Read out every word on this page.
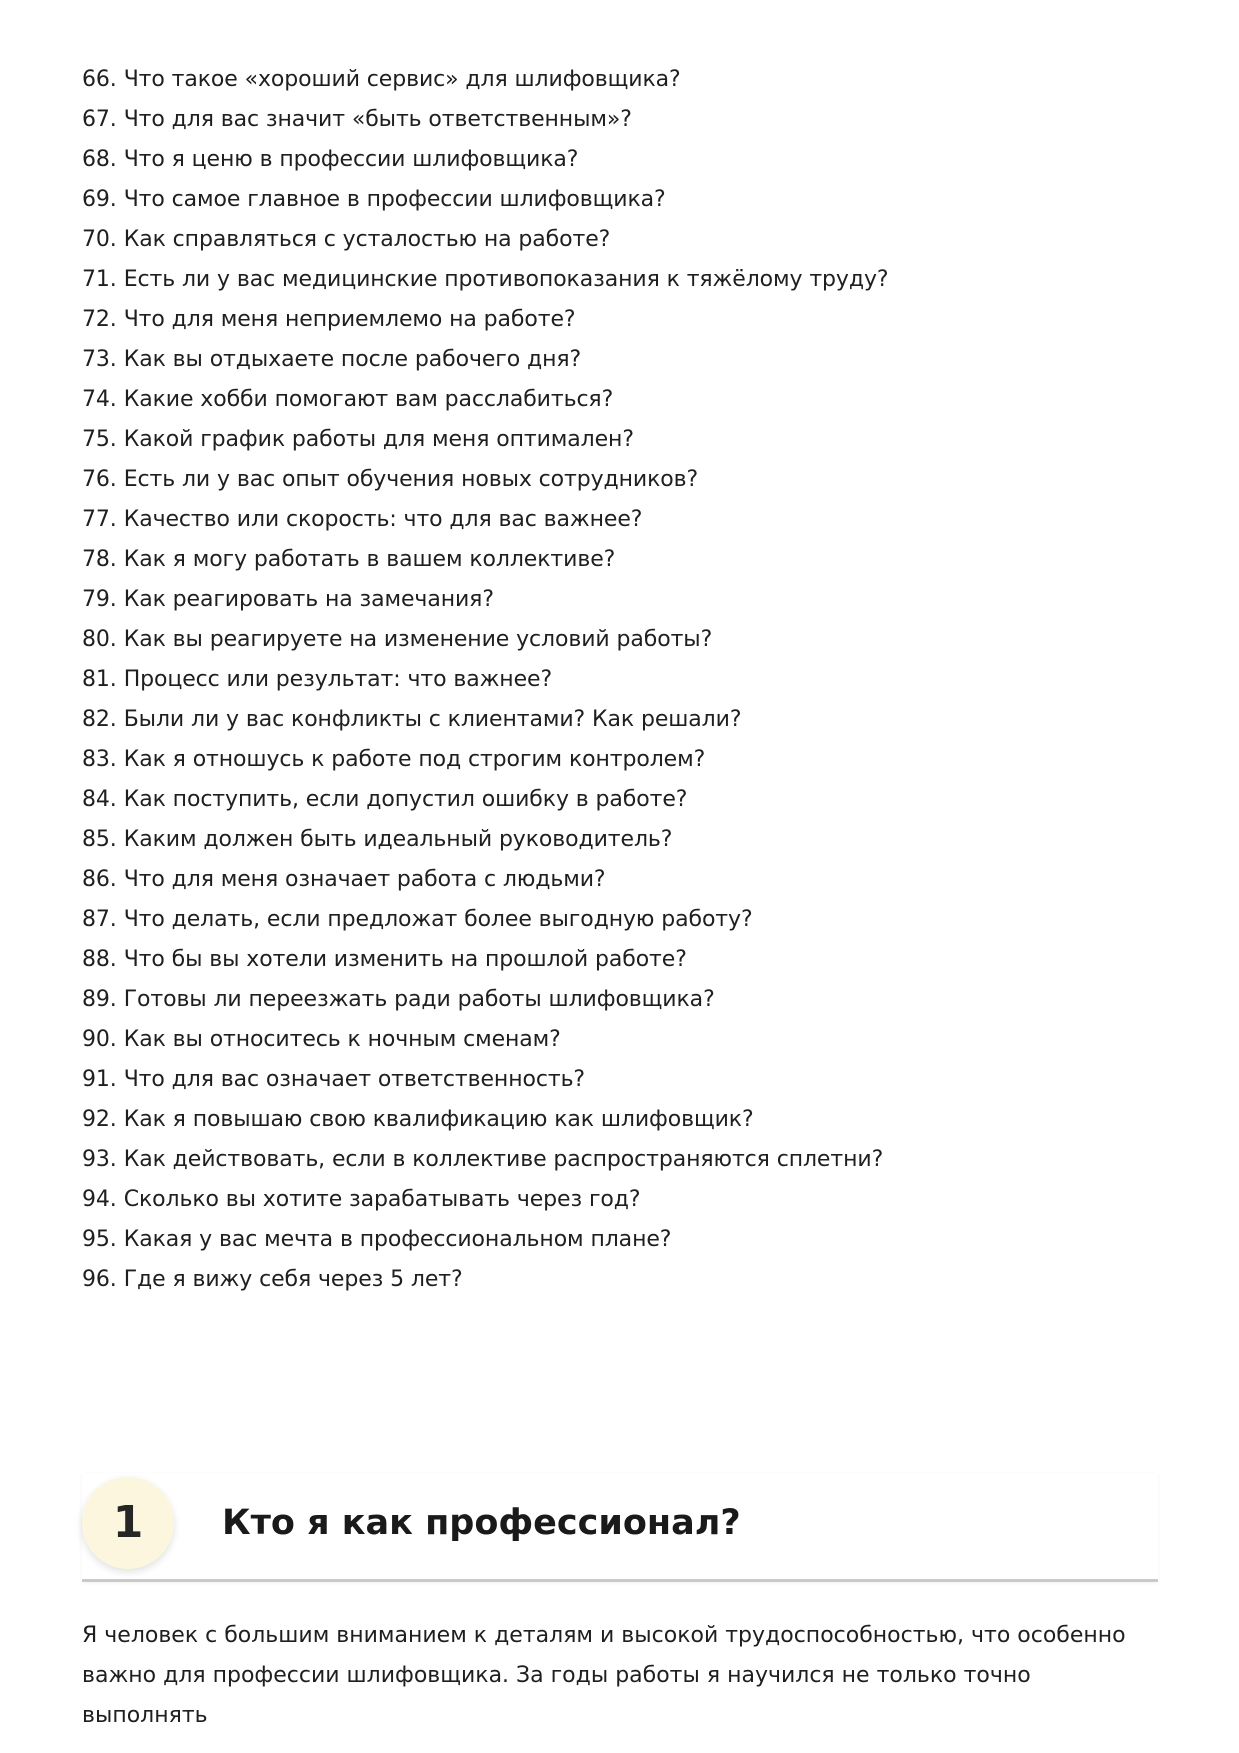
66. Что такое «хороший сервис» для шлифовщика?
67. Что для вас значит «быть ответственным»?
68. Что я ценю в профессии шлифовщика?
69. Что самое главное в профессии шлифовщика?
70. Как справляться с усталостью на работе?
71. Есть ли у вас медицинские противопоказания к тяжёлому труду?
72. Что для меня неприемлемо на работе?
73. Как вы отдыхаете после рабочего дня?
74. Какие хобби помогают вам расслабиться?
75. Какой график работы для меня оптимален?
76. Есть ли у вас опыт обучения новых сотрудников?
77. Качество или скорость: что для вас важнее?
78. Как я могу работать в вашем коллективе?
79. Как реагировать на замечания?
80. Как вы реагируете на изменение условий работы?
81. Процесс или результат: что важнее?
82. Были ли у вас конфликты с клиентами? Как решали?
83. Как я отношусь к работе под строгим контролем?
84. Как поступить, если допустил ошибку в работе?
85. Каким должен быть идеальный руководитель?
86. Что для меня означает работа с людьми?
87. Что делать, если предложат более выгодную работу?
88. Что бы вы хотели изменить на прошлой работе?
89. Готовы ли переезжать ради работы шлифовщика?
90. Как вы относитесь к ночным сменам?
91. Что для вас означает ответственность?
92. Как я повышаю свою квалификацию как шлифовщик?
93. Как действовать, если в коллективе распространяются сплетни?
94. Сколько вы хотите зарабатывать через год?
95. Какая у вас мечта в профессиональном плане?
96. Где я вижу себя через 5 лет?
1	Кто я как профессионал?

Я человек с большим вниманием к деталям и высокой трудоспособностью, что особенно важно для профессии шлифовщика. За годы работы я научился не только точно выполнять
